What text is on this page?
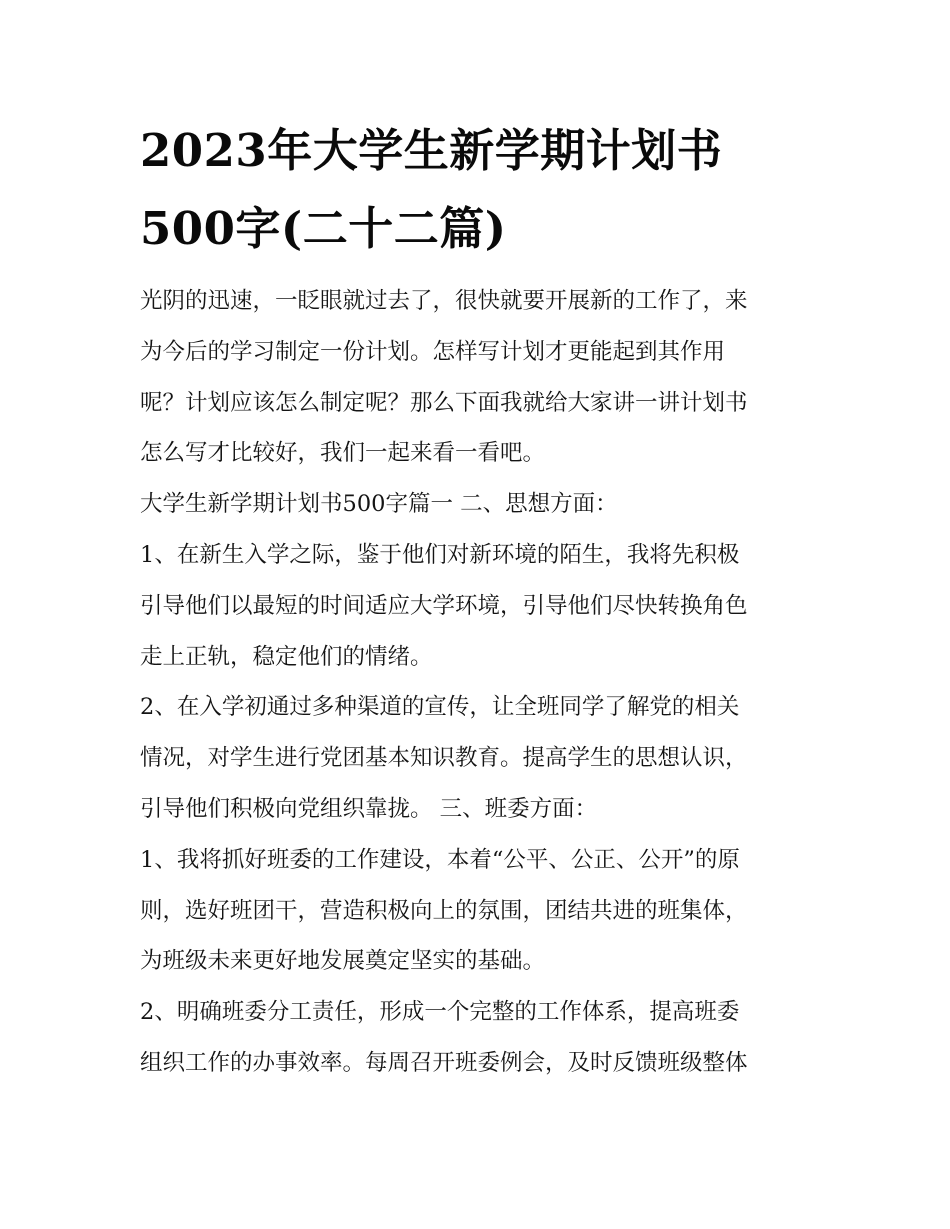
2023年大学生新学期计划书
500字(二十二篇)
光阴的迅速，一眨眼就过去了，很快就要开展新的工作了，来
为今后的学习制定一份计划。怎样写计划才更能起到其作用
呢？计划应该怎么制定呢？那么下面我就给大家讲一讲计划书
怎么写才比较好，我们一起来看一看吧。
大学生新学期计划书500字篇一 二、思想方面：
1、在新生入学之际，鉴于他们对新环境的陌生，我将先积极
引导他们以最短的时间适应大学环境，引导他们尽快转换角色
走上正轨，稳定他们的情绪。
2、在入学初通过多种渠道的宣传，让全班同学了解党的相关
情况，对学生进行党团基本知识教育。提高学生的思想认识，
引导他们积极向党组织靠拢。 三、班委方面：
1、我将抓好班委的工作建设，本着“公平、公正、公开”的原
则，选好班团干，营造积极向上的氛围，团结共进的班集体，
为班级未来更好地发展奠定坚实的基础。
2、明确班委分工责任，形成一个完整的工作体系，提高班委
组织工作的办事效率。每周召开班委例会，及时反馈班级整体
